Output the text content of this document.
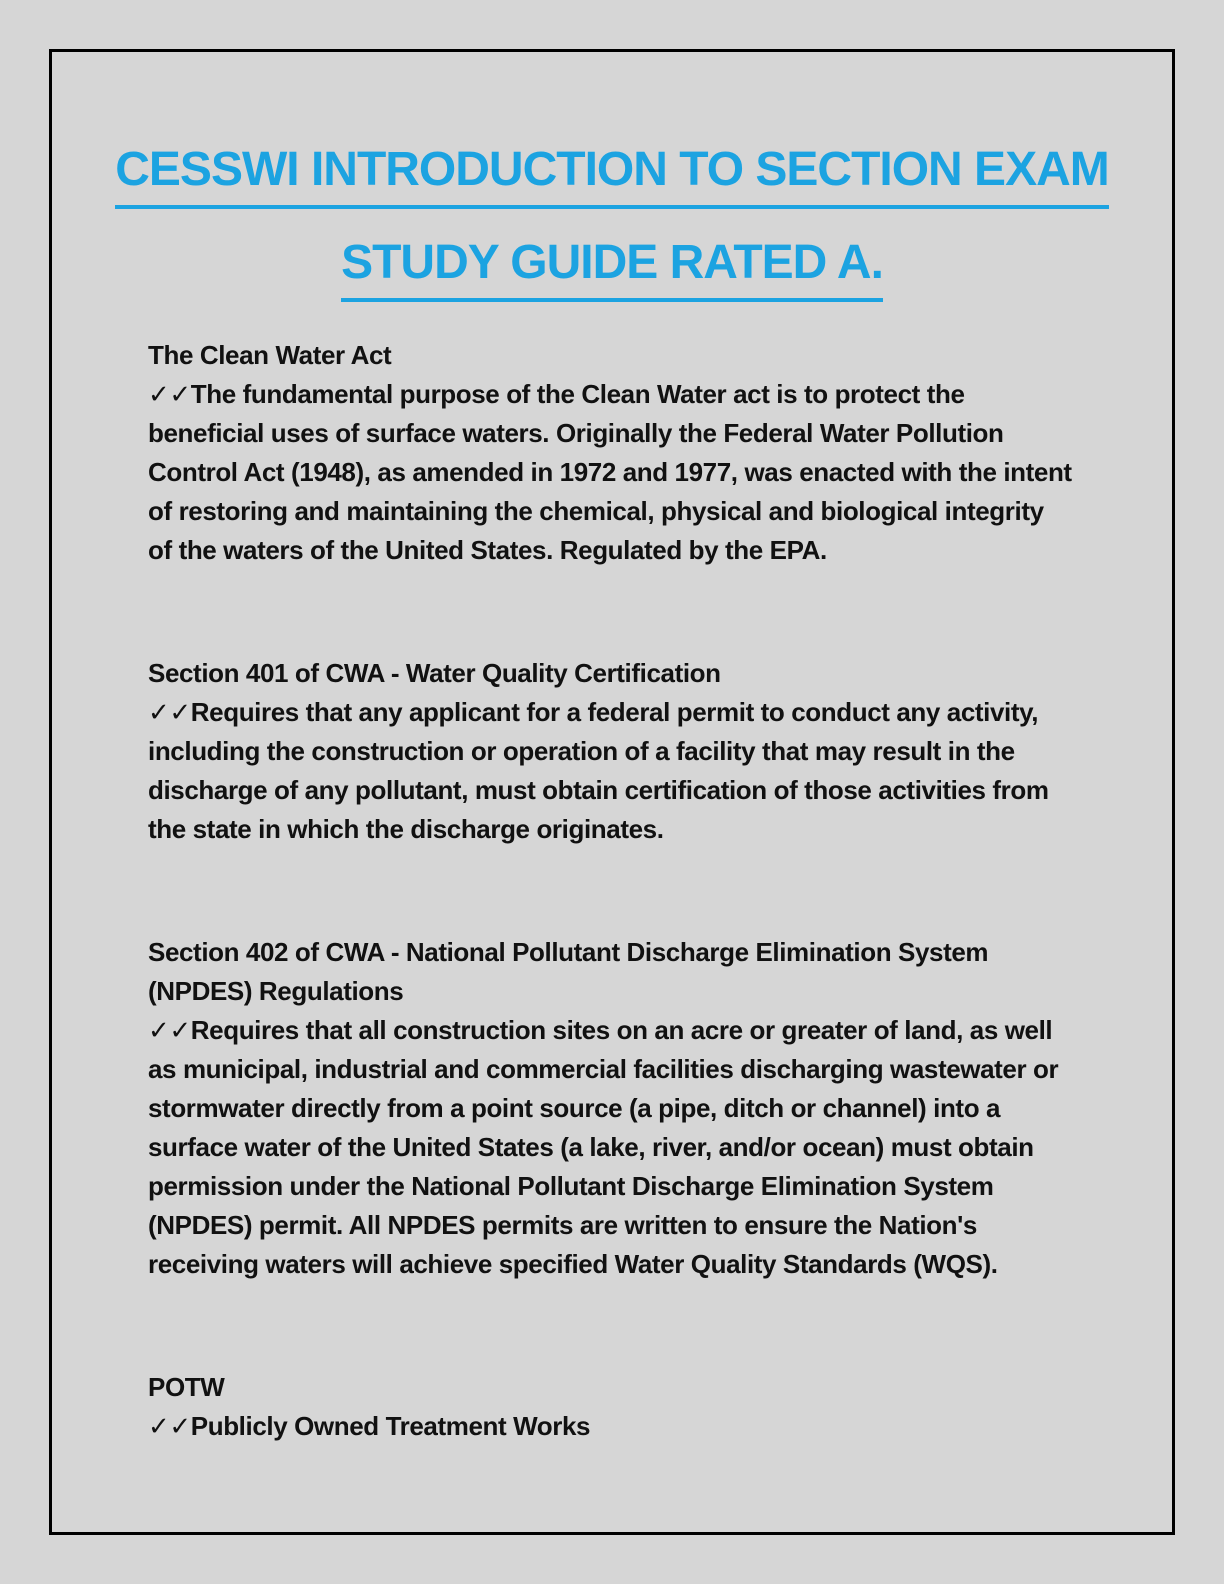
CESSWI INTRODUCTION TO SECTION EXAM
STUDY GUIDE RATED A.

The Clean Water Act

✓✓The fundamental purpose of the Clean Water act is to protect the beneficial uses of surface waters. Originally the Federal Water Pollution Control Act (1948), as amended in 1972 and 1977, was enacted with the intent of restoring and maintaining the chemical, physical and biological integrity of the waters of the United States. Regulated by the EPA.

Section 401 of CWA - Water Quality Certification

✓✓Requires that any applicant for a federal permit to conduct any activity, including the construction or operation of a facility that may result in the discharge of any pollutant, must obtain certification of those activities from the state in which the discharge originates.

Section 402 of CWA - National Pollutant Discharge Elimination System (NPDES) Regulations

✓✓Requires that all construction sites on an acre or greater of land, as well as municipal, industrial and commercial facilities discharging wastewater or stormwater directly from a point source (a pipe, ditch or channel) into a surface water of the United States (a lake, river, and/or ocean) must obtain permission under the National Pollutant Discharge Elimination System (NPDES) permit. All NPDES permits are written to ensure the Nation's receiving waters will achieve specified Water Quality Standards (WQS).

POTW

✓✓Publicly Owned Treatment Works
